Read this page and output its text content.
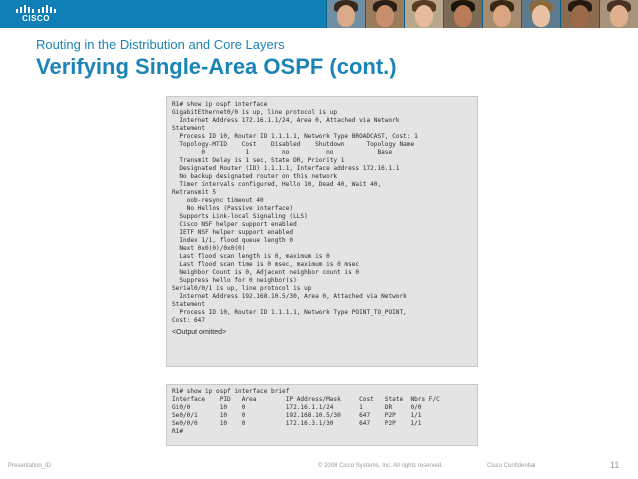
CISCO
Routing in the Distribution and Core Layers
Verifying Single-Area OSPF (cont.)
R1# show ip ospf interface
GigabitEthernet0/0 is up, line protocol is up
Internet Address 172.16.1.1/24, Area 0, Attached via Network
Statement
Process ID 10, Router ID 1.1.1.1, Network Type BROADCAST, Cost: 1
Topology-MTID    Cost    Disabled    Shutdown      Topology Name
0           1         no          no            Base
Transmit Delay is 1 sec, State DR, Priority 1
Designated Router (ID) 1.1.1.1, Interface address 172.16.1.1
No backup designated router on this network
Timer intervals configured, Hello 10, Dead 40, Wait 40,
Retransmit 5
oob-resync timeout 40
No Hellos (Passive interface)
Supports Link-local Signaling (LLS)
Cisco NSF helper support enabled
IETF NSF helper support enabled
Index 1/1, flood queue length 0
Next 0x0(0)/0x0(0)
Last flood scan length is 0, maximum is 0
Last flood scan time is 0 msec, maximum is 0 msec
Neighbor Count is 0, Adjacent neighbor count is 0
Suppress hello for 0 neighbor(s)
Serial0/0/1 is up, line protocol is up
Internet Address 192.168.10.5/30, Area 0, Attached via Network
Statement
Process ID 10, Router ID 1.1.1.1, Network Type POINT_TO_POINT,
Cost: 647
<Output omitted>
R1# show ip ospf interface brief
Interface    PID   Area        IP Address/Mask     Cost   State  Nbrs F/C
Gi0/0        10    0           172.16.1.1/24       1      DR     0/0
Se0/0/1      10    0           192.168.10.5/30     647    P2P    1/1
Se0/0/0      10    0           172.16.3.1/30       647    P2P    1/1
R1#
Presentation_ID	© 2008 Cisco Systems, Inc. All rights reserved.	Cisco Confidential	11
